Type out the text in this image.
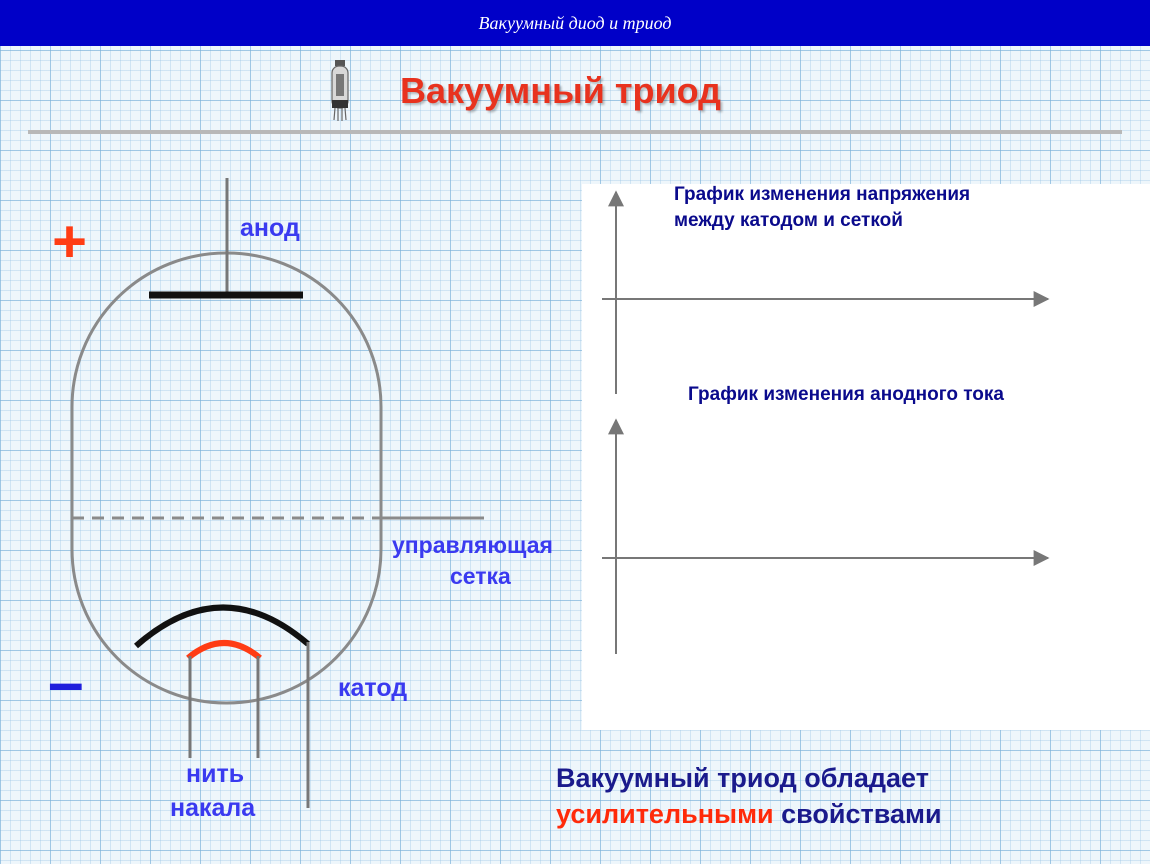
Вакуумный диод и триод
Вакуумный триод
+
–
анод
управляющая
сетка
катод
нить
накала
График изменения напряжения
между катодом и сеткой
График изменения анодного тока
Вакуумный триод обладает
усилительными свойствами
